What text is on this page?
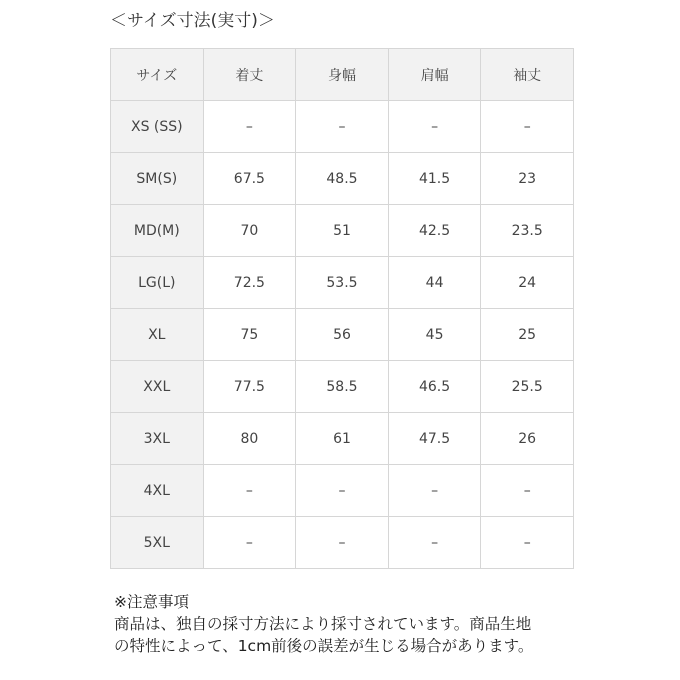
＜サイズ寸法(実寸)＞
サイズ	着丈	身幅	肩幅	袖丈
XS (SS)	–	–	–	–
SM(S)	67.5	48.5	41.5	23
MD(M)	70	51	42.5	23.5
LG(L)	72.5	53.5	44	24
XL	75	56	45	25
XXL	77.5	58.5	46.5	25.5
3XL	80	61	47.5	26
4XL	–	–	–	–
5XL	–	–	–	–
※注意事項
商品は、独自の採寸方法により採寸されています。商品生地
の特性によって、1cm前後の誤差が生じる場合があります。
